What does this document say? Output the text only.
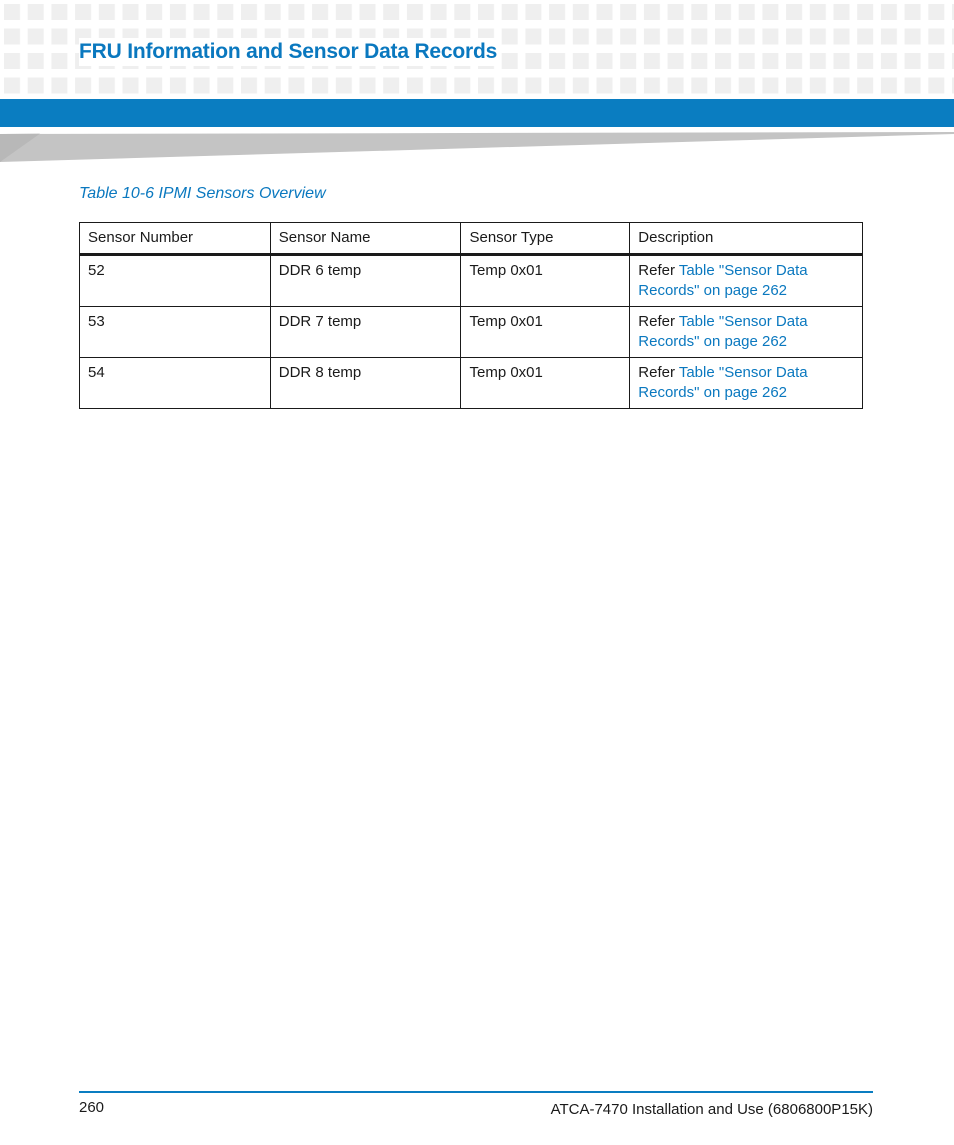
FRU Information and Sensor Data Records

Table 10-6 IPMI Sensors Overview

Sensor Number	Sensor Name	Sensor Type	Description
52	DDR 6 temp	Temp 0x01	Refer Table "Sensor Data
Records" on page 262
53	DDR 7 temp	Temp 0x01	Refer Table "Sensor Data
Records" on page 262
54	DDR 8 temp	Temp 0x01	Refer Table "Sensor Data
Records" on page 262
260	ATCA-7470 Installation and Use (6806800P15K)
